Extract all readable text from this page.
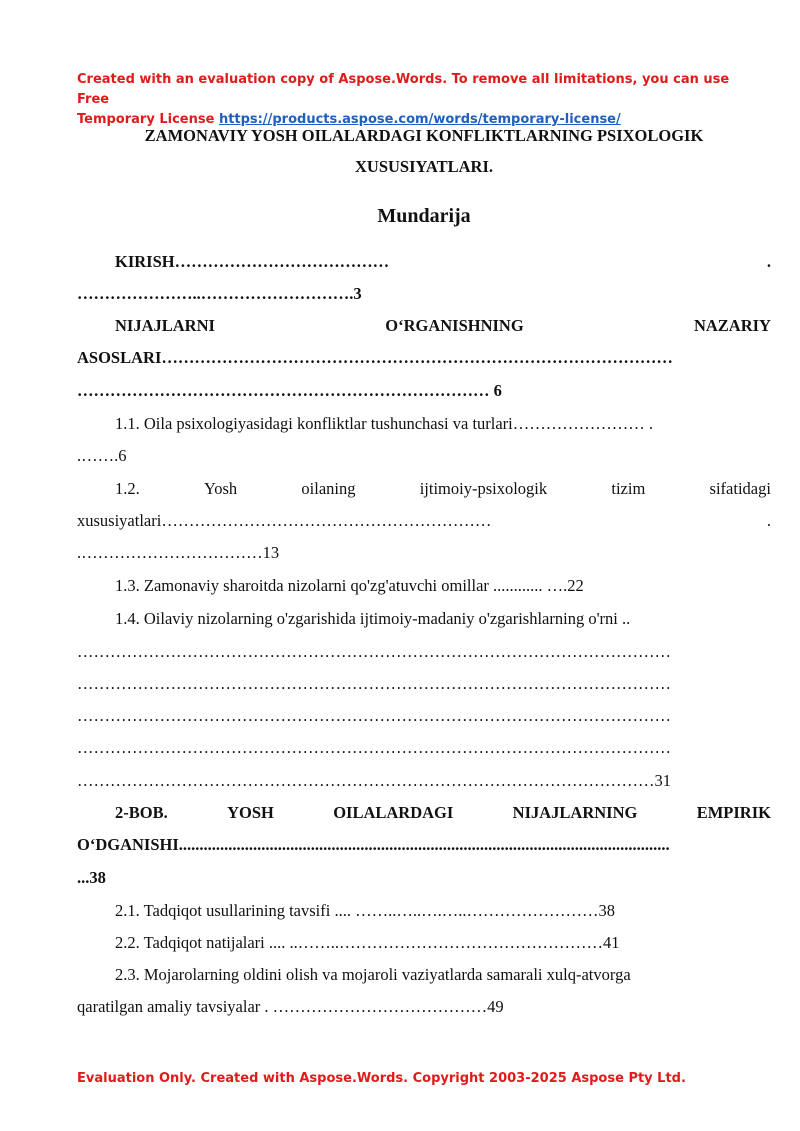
Created with an evaluation copy of Aspose.Words. To remove all limitations, you can use Free
Temporary License https://products.aspose.com/words/temporary-license/
ZAMONAVIY YOSH OILALARDAGI KONFLIKTLARNING PSIXOLOGIK
XUSUSIYATLARI.
Mundarija
KIRISH…………………………………	.
…………………..……………………….3
NIJAJLARNI	O‘RGANISHNING	NAZARIY
ASOSLARI…………………………………………………………………………………
………………………………………………………………… 6
1.1. Oila psixologiyasidagi konfliktlar tushunchasi va turlari…………………… .
.…….6
1.2.	Yosh	oilaning	ijtimoiy-psixologik	tizim	sifatidagi
xususiyatlari……………………………………………………	.
.……………………………13
1.3. Zamonaviy sharoitda nizolarni qo'zg'atuvchi omillar ............ ….22
1.4. Oilaviy nizolarning o'zgarishida ijtimoiy-madaniy o'zgarishlarning o'rni ..
………………………………………………………………………………………………
………………………………………………………………………………………………
………………………………………………………………………………………………
………………………………………………………………………………………………
……………………………………………………………………………………………31
2-BOB.	YOSH	OILALARDAGI	NIJAJLARNING	EMPIRIK
O‘DGANISHI.......................................................................................................................
...38
2.1. Tadqiqot usullarining tavsifi .... ……..…..….…..……………………38
2.2. Tadqiqot natijalari .... ..……..…………………………………………41
2.3. Mojarolarning oldini olish va mojaroli vaziyatlarda samarali xulq-atvorga
qaratilgan amaliy tavsiyalar . …………………………………49
Evaluation Only. Created with Aspose.Words. Copyright 2003-2025 Aspose Pty Ltd.
